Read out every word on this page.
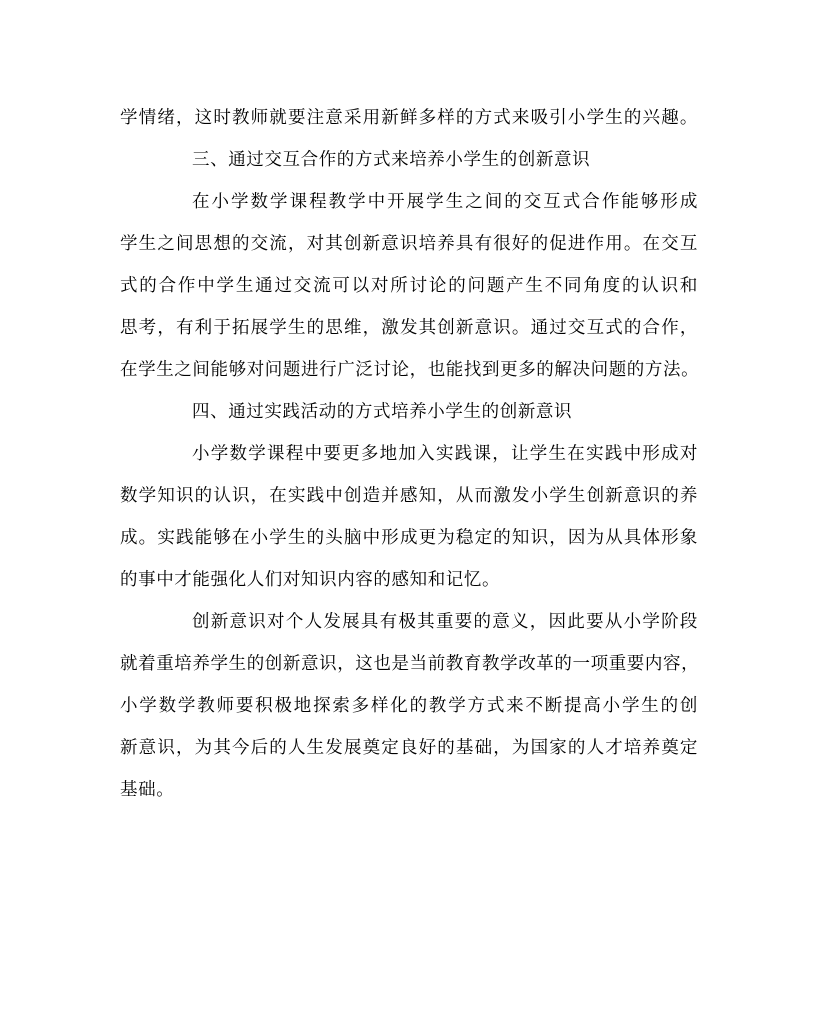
学情绪，这时教师就要注意采用新鲜多样的方式来吸引小学生的兴趣。
三、通过交互合作的方式来培养小学生的创新意识
在小学数学课程教学中开展学生之间的交互式合作能够形成
学生之间思想的交流，对其创新意识培养具有很好的促进作用。在交互
式的合作中学生通过交流可以对所讨论的问题产生不同角度的认识和
思考，有利于拓展学生的思维，激发其创新意识。通过交互式的合作，
在学生之间能够对问题进行广泛讨论，也能找到更多的解决问题的方法。
四、通过实践活动的方式培养小学生的创新意识
小学数学课程中要更多地加入实践课，让学生在实践中形成对
数学知识的认识，在实践中创造并感知，从而激发小学生创新意识的养
成。实践能够在小学生的头脑中形成更为稳定的知识，因为从具体形象
的事中才能强化人们对知识内容的感知和记忆。
创新意识对个人发展具有极其重要的意义，因此要从小学阶段
就着重培养学生的创新意识，这也是当前教育教学改革的一项重要内容，
小学数学教师要积极地探索多样化的教学方式来不断提高小学生的创
新意识，为其今后的人生发展奠定良好的基础，为国家的人才培养奠定
基础。
